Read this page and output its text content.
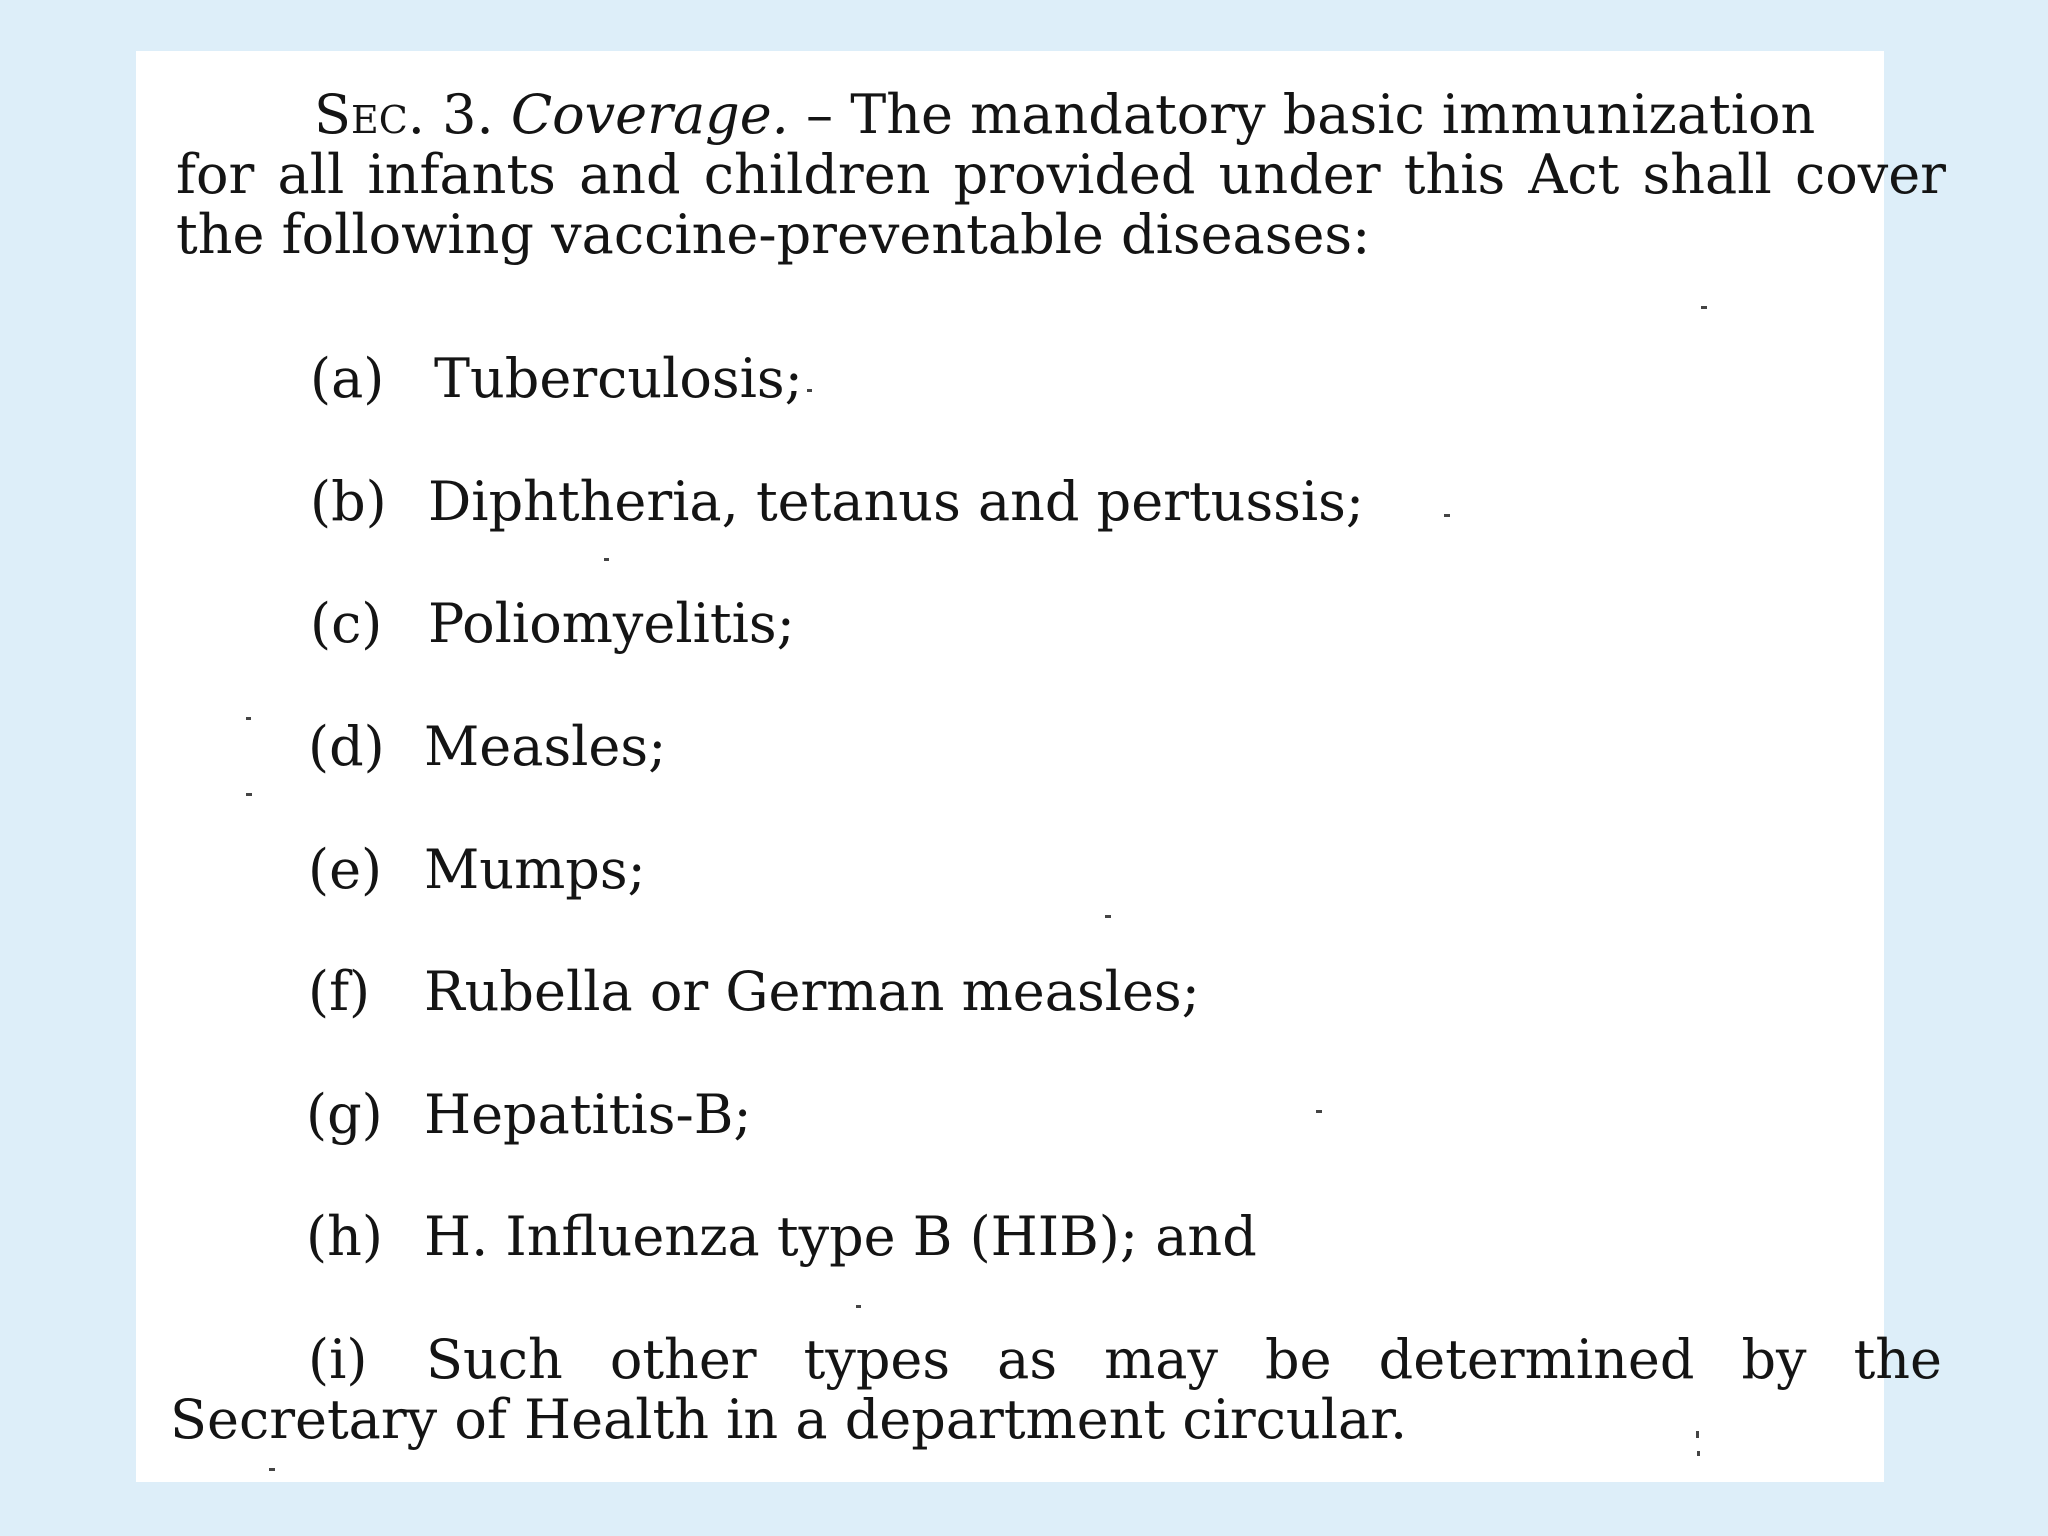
Sec. 3. Coverage. – The mandatory basic immunization
for all infants and children provided under this Act shall cover
the following vaccine-preventable diseases:
(a) Tuberculosis;
(b) Diphtheria, tetanus and pertussis;
(c) Poliomyelitis;
(d) Measles;
(e) Mumps;
(f) Rubella or German measles;
(g) Hepatitis-B;
(h) H. Influenza type B (HIB); and
(i) Such other types as may be determined by the
Secretary of Health in a department circular.
